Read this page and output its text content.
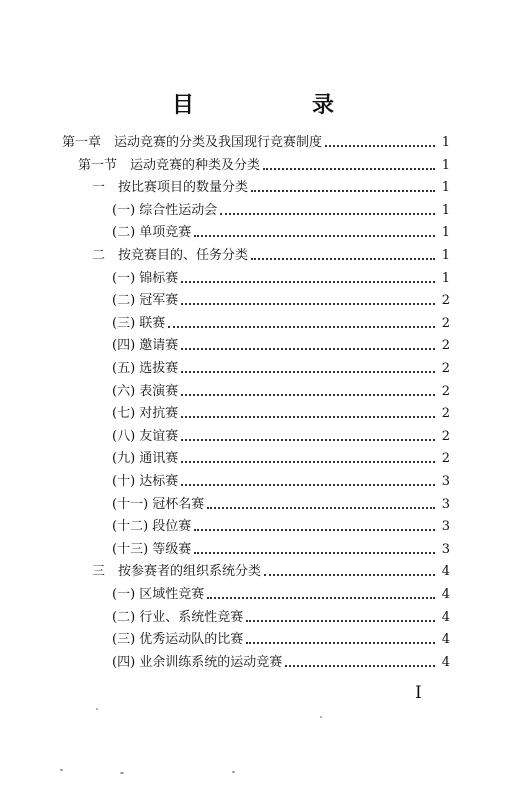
目　录
第一章　运动竞赛的分类及我国现行竞赛制度	1
第一节　运动竞赛的种类及分类	1
一　按比赛项目的数量分类	1
(一) 综合性运动会	1
(二) 单项竞赛	1
二　按竞赛目的、任务分类	1
(一) 锦标赛	1
(二) 冠军赛	2
(三) 联赛	2
(四) 邀请赛	2
(五) 选拔赛	2
(六) 表演赛	2
(七) 对抗赛	2
(八) 友谊赛	2
(九) 通讯赛	2
(十) 达标赛	3
(十一) 冠杯名赛	3
(十二) 段位赛	3
(十三) 等级赛	3
三　按参赛者的组织系统分类	4
(一) 区域性竞赛	4
(二) 行业、系统性竞赛	4
(三) 优秀运动队的比赛	4
(四) 业余训练系统的运动竞赛	4
I
